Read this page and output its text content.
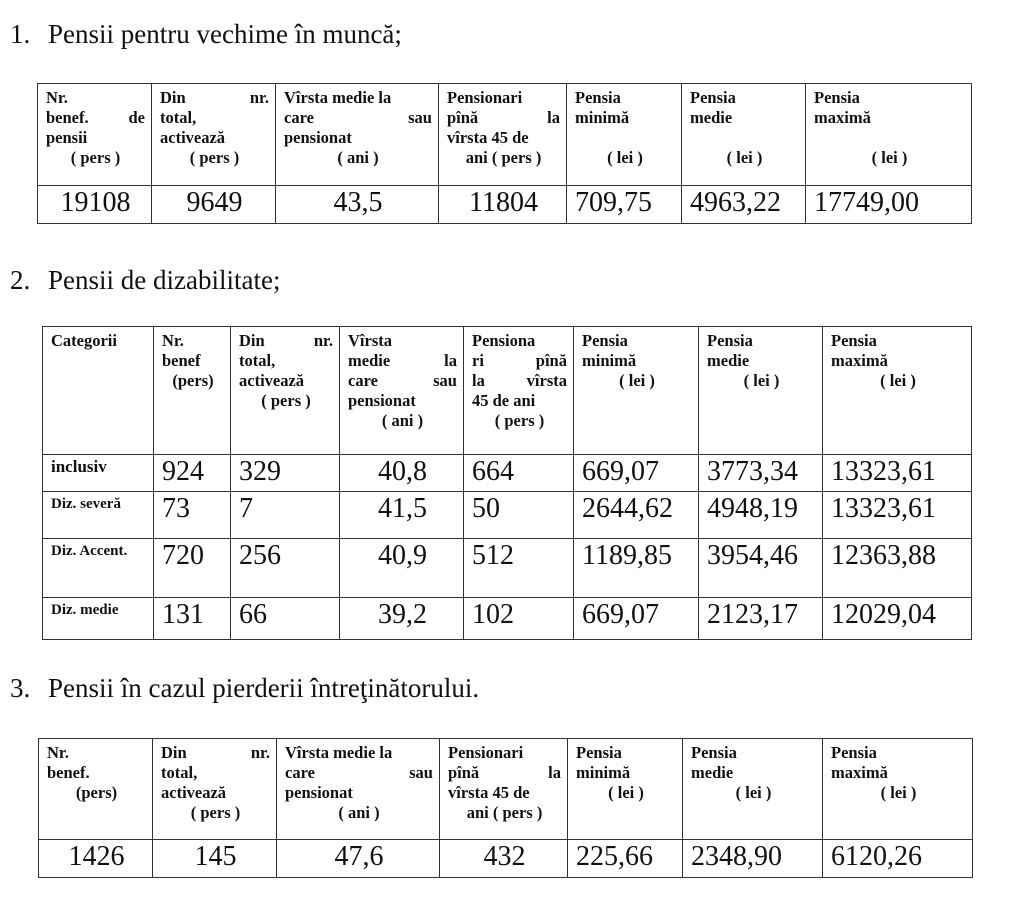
1. Pensii pentru vechime în muncă;
Nr.
benef. de
pensii
( pers )	Din nr.
total,
activează
( pers )	Vîrsta medie la
care sau
pensionat
( ani )	Pensionari
pînă la
vîrsta 45 de
ani ( pers )	Pensia
minimă

( lei )	Pensia
medie

( lei )	Pensia
maximă

( lei )

19108	9649	43,5	11804	709,75	4963,22	17749,00
2. Pensii de dizabilitate;
Categorii	Nr.
benef
(pers)	Din nr.
total,
activează
( pers )	Vîrsta
medie la
care sau
pensionat
( ani )	Pensiona
ri pînă
la vîrsta
45 de ani
( pers )	Pensia
minimă
( lei )	Pensia
medie
( lei )	Pensia
maximă
( lei )

inclusiv	924	329	40,8	664	669,07	3773,34	13323,61
Diz. severă	73	7	41,5	50	2644,62	4948,19	13323,61
Diz. Accent.	720	256	40,9	512	1189,85	3954,46	12363,88
Diz. medie	131	66	39,2	102	669,07	2123,17	12029,04
3. Pensii în cazul pierderii întreţinătorului.
Nr.
benef.
(pers)	Din nr.
total,
activează
( pers )	Vîrsta medie la
care sau
pensionat
( ani )	Pensionari
pînă la
vîrsta 45 de
ani ( pers )	Pensia
minimă
( lei )	Pensia
medie
( lei )	Pensia
maximă
( lei )

1426	145	47,6	432	225,66	2348,90	6120,26
